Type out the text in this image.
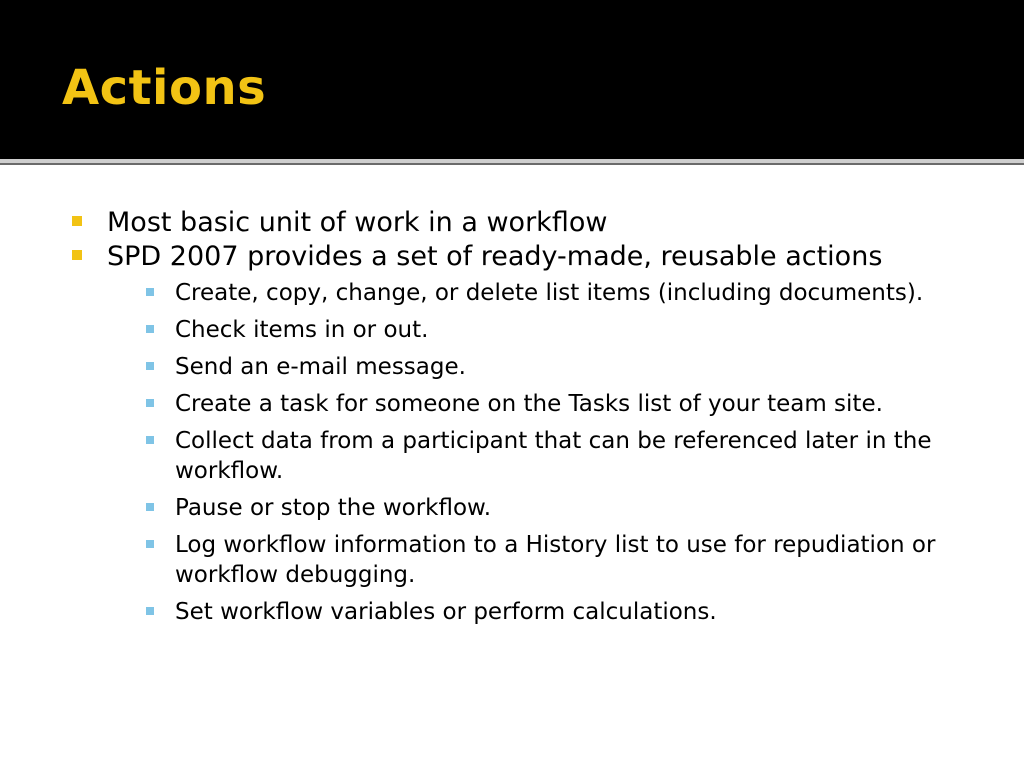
Actions
Most basic unit of work in a workflow
SPD 2007 provides a set of ready-made, reusable actions
Create, copy, change, or delete list items (including documents).
Check items in or out.
Send an e-mail message.
Create a task for someone on the Tasks list of your team site.
Collect data from a participant that can be referenced later in the workflow.
Pause or stop the workflow.
Log workflow information to a History list to use for repudiation or workflow debugging.
Set workflow variables or perform calculations.
